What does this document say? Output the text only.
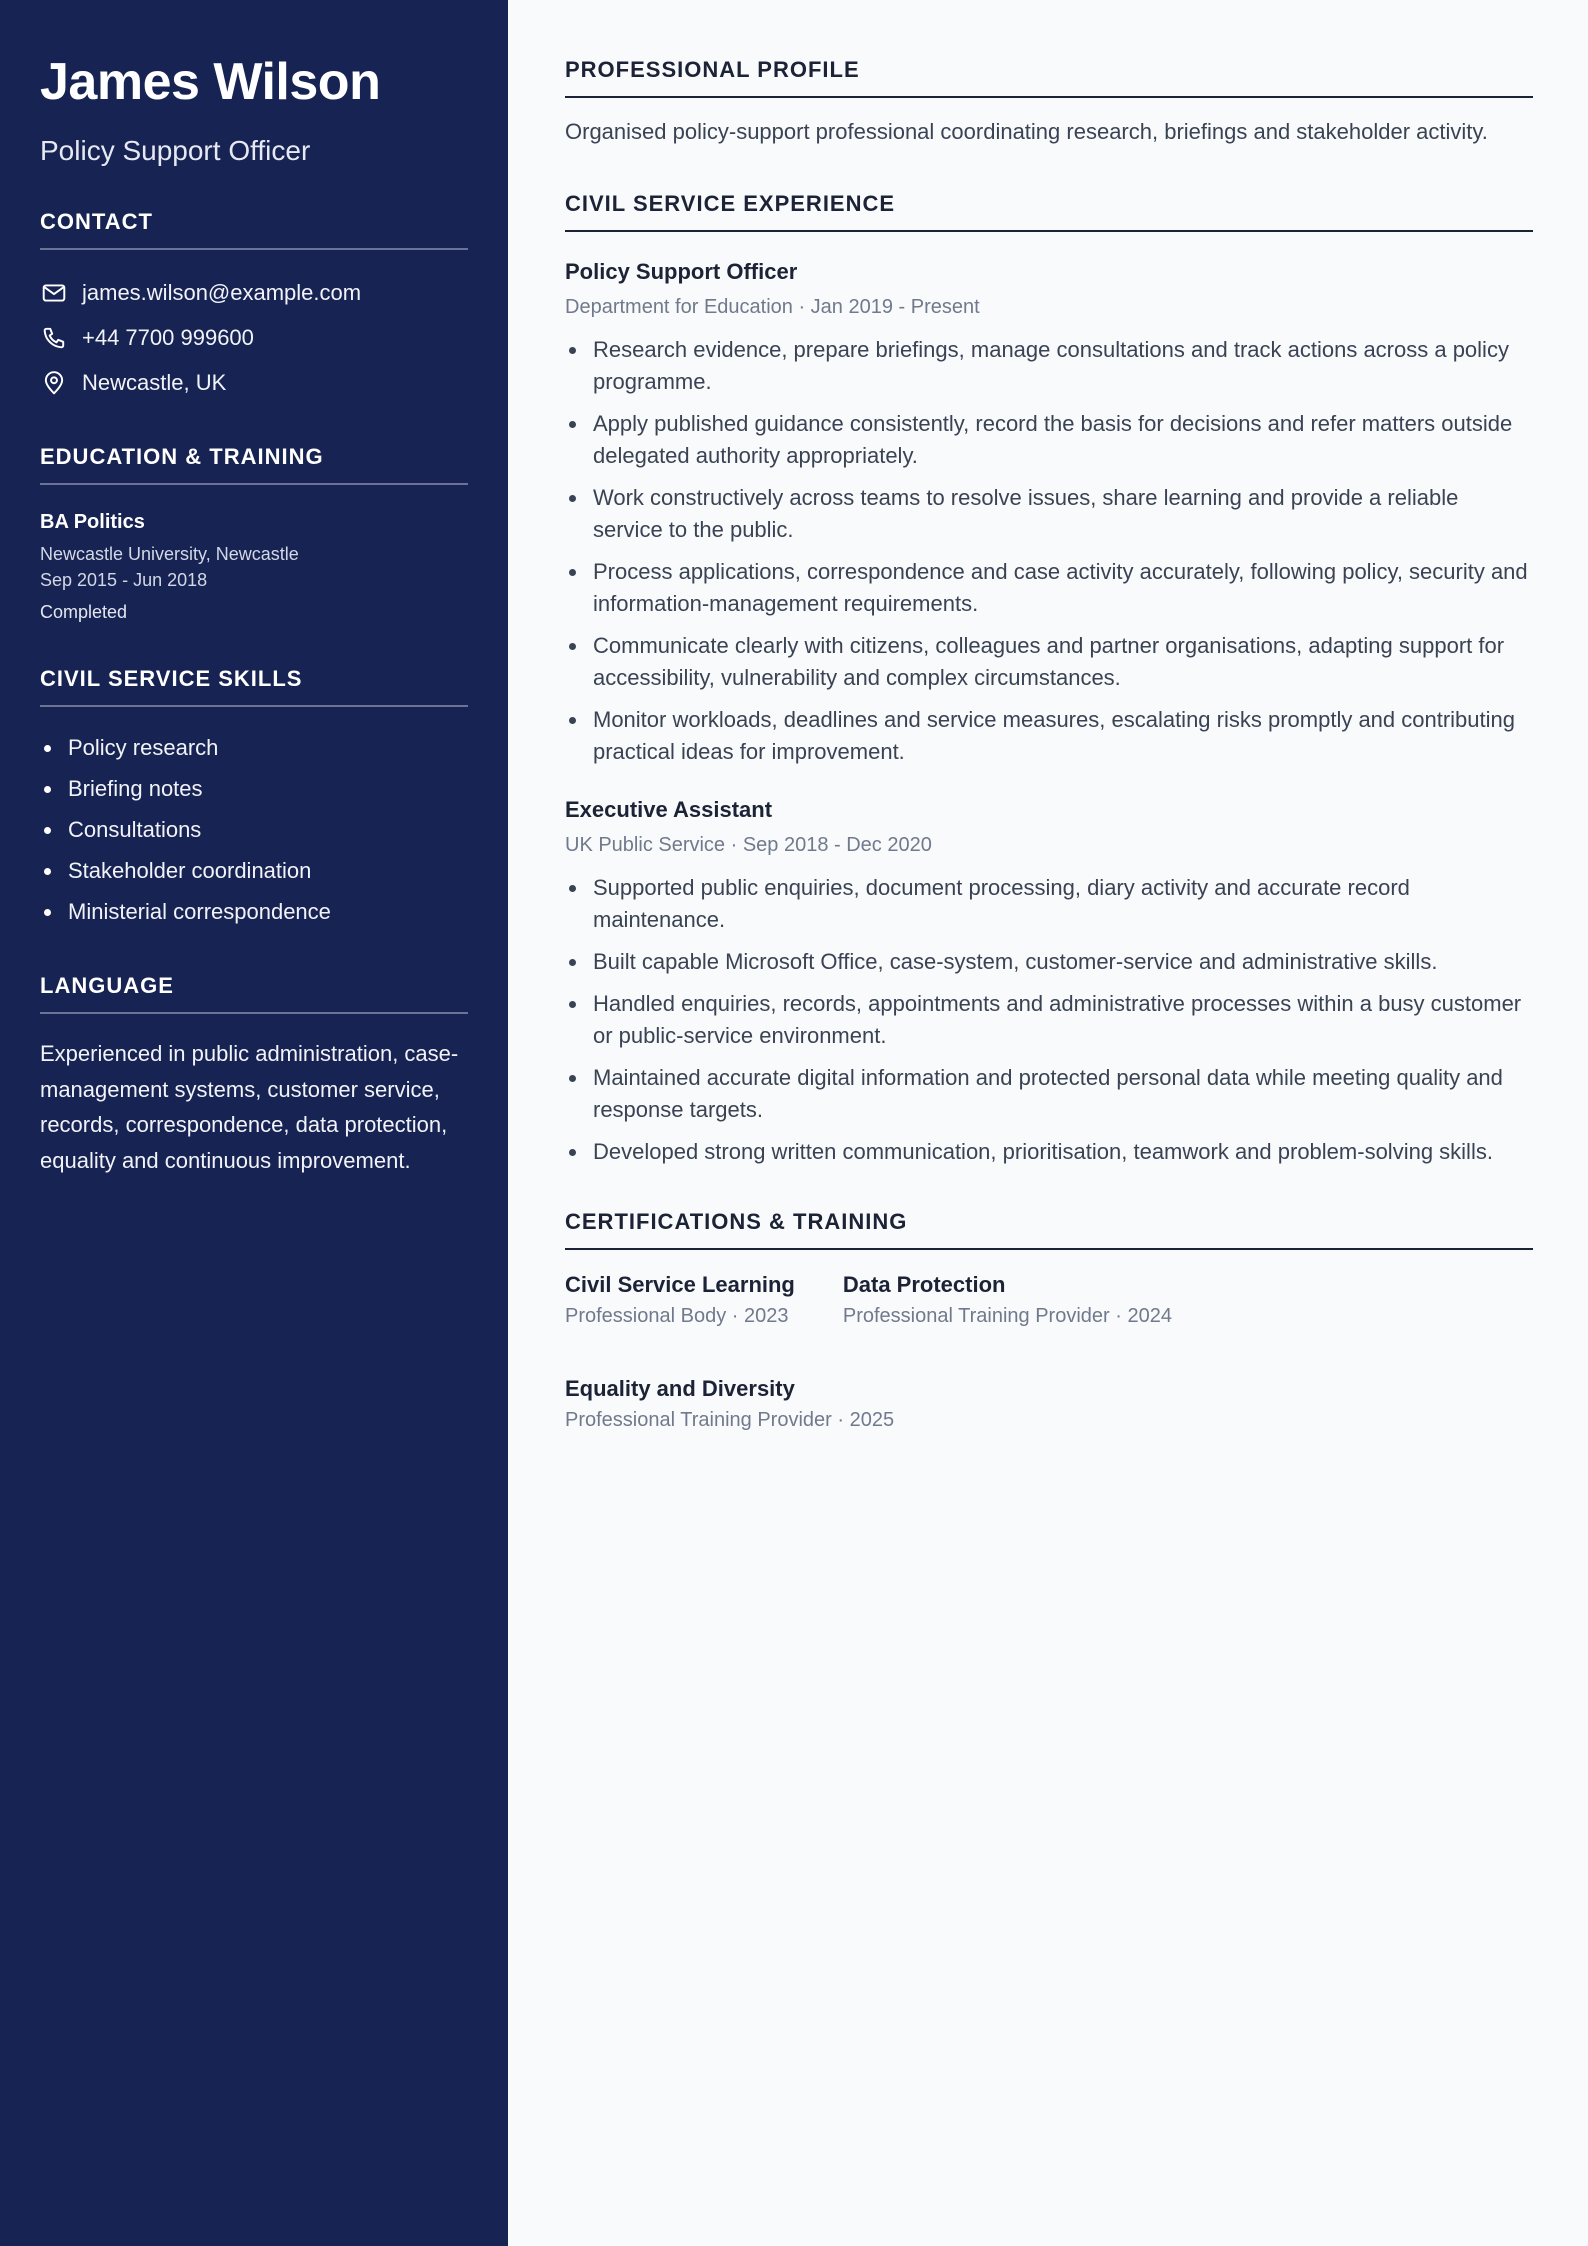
James Wilson
Policy Support Officer
CONTACT
james.wilson@example.com
+44 7700 999600
Newcastle, UK
EDUCATION & TRAINING
BA Politics
Newcastle University, Newcastle
Sep 2015 - Jun 2018
Completed
CIVIL SERVICE SKILLS
Policy research
Briefing notes
Consultations
Stakeholder coordination
Ministerial correspondence
LANGUAGE

Experienced in public administration, case-management systems, customer service, records, correspondence, data protection, equality and continuous improvement.

PROFESSIONAL PROFILE

Organised policy-support professional coordinating research, briefings and stakeholder activity.

CIVIL SERVICE EXPERIENCE
Policy Support Officer
Department for Education · Jan 2019 - Present
Research evidence, prepare briefings, manage consultations and track actions across a policy programme.
Apply published guidance consistently, record the basis for decisions and refer matters outside delegated authority appropriately.
Work constructively across teams to resolve issues, share learning and provide a reliable service to the public.
Process applications, correspondence and case activity accurately, following policy, security and information-management requirements.
Communicate clearly with citizens, colleagues and partner organisations, adapting support for accessibility, vulnerability and complex circumstances.
Monitor workloads, deadlines and service measures, escalating risks promptly and contributing practical ideas for improvement.
Executive Assistant
UK Public Service · Sep 2018 - Dec 2020
Supported public enquiries, document processing, diary activity and accurate record maintenance.
Built capable Microsoft Office, case-system, customer-service and administrative skills.
Handled enquiries, records, appointments and administrative processes within a busy customer or public-service environment.
Maintained accurate digital information and protected personal data while meeting quality and response targets.
Developed strong written communication, prioritisation, teamwork and problem-solving skills.
CERTIFICATIONS & TRAINING
Civil Service Learning
Professional Body · 2023
Data Protection
Professional Training Provider · 2024
Equality and Diversity
Professional Training Provider · 2025
